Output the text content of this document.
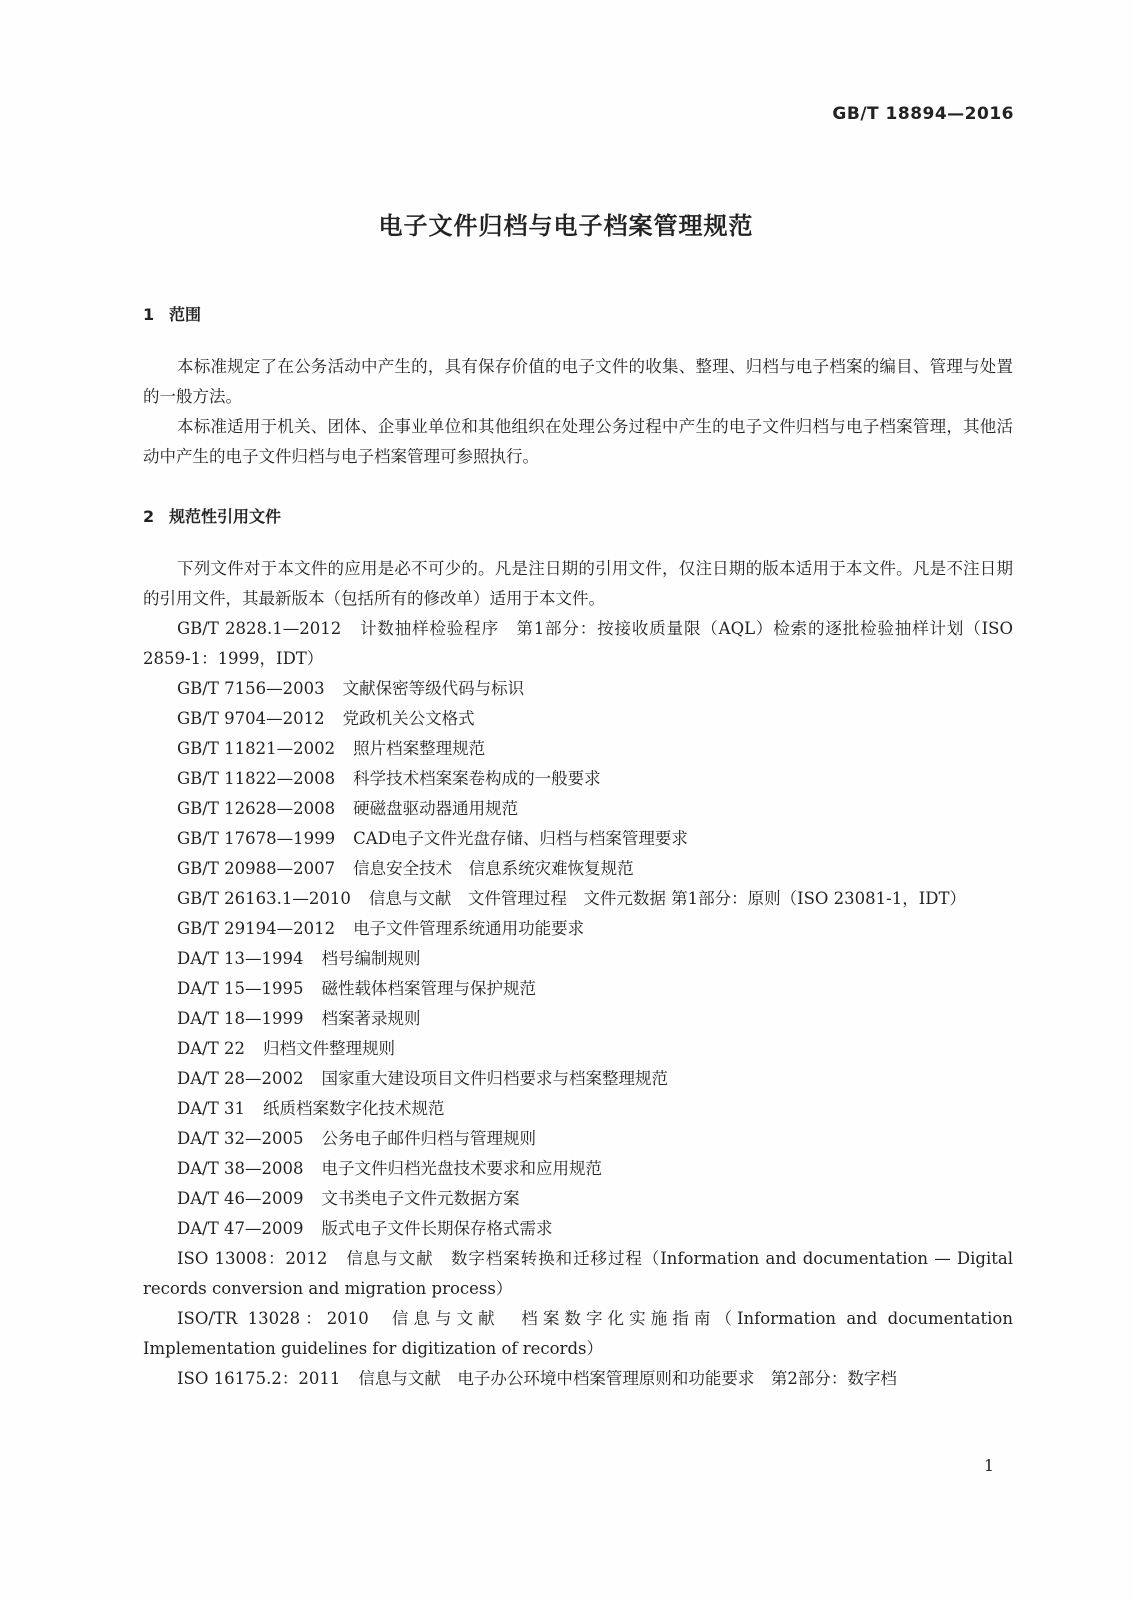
GB/T 18894—2016
电子文件归档与电子档案管理规范
1 范围

本标准规定了在公务活动中产生的，具有保存价值的电子文件的收集、整理、归档与电子档案的编目、管理与处置的一般方法。

本标准适用于机关、团体、企事业单位和其他组织在处理公务过程中产生的电子文件归档与电子档案管理，其他活动中产生的电子文件归档与电子档案管理可参照执行。

2 规范性引用文件

下列文件对于本文件的应用是必不可少的。凡是注日期的引用文件，仅注日期的版本适用于本文件。凡是不注日期的引用文件，其最新版本（包括所有的修改单）适用于本文件。

GB/T 2828.1—2012 计数抽样检验程序　第1部分：按接收质量限（AQL）检索的逐批检验抽样计划（ISO 2859-1：1999，IDT）
GB/T 7156—2003 文献保密等级代码与标识
GB/T 9704—2012 党政机关公文格式
GB/T 11821—2002 照片档案整理规范
GB/T 11822—2008 科学技术档案案卷构成的一般要求
GB/T 12628—2008 硬磁盘驱动器通用规范
GB/T 17678—1999 CAD电子文件光盘存储、归档与档案管理要求
GB/T 20988—2007 信息安全技术　信息系统灾难恢复规范
GB/T 26163.1—2010 信息与文献　文件管理过程　文件元数据 第1部分：原则（ISO 23081-1，IDT）
GB/T 29194—2012 电子文件管理系统通用功能要求
DA/T 13—1994 档号编制规则
DA/T 15—1995 磁性载体档案管理与保护规范
DA/T 18—1999 档案著录规则
DA/T 22 归档文件整理规则
DA/T 28—2002 国家重大建设项目文件归档要求与档案整理规范
DA/T 31 纸质档案数字化技术规范
DA/T 32—2005 公务电子邮件归档与管理规则
DA/T 38—2008 电子文件归档光盘技术要求和应用规范
DA/T 46—2009 文书类电子文件元数据方案
DA/T 47—2009 版式电子文件长期保存格式需求
ISO 13008：2012 信息与文献　数字档案转换和迁移过程（Information and documentation — Digital records conversion and migration process）
ISO/TR 13028：2010 信息与文献　档案数字化实施指南（Information and documentation Implementation guidelines for digitization of records）
ISO 16175.2：2011 信息与文献　电子办公环境中档案管理原则和功能要求　第2部分：数字档
1
